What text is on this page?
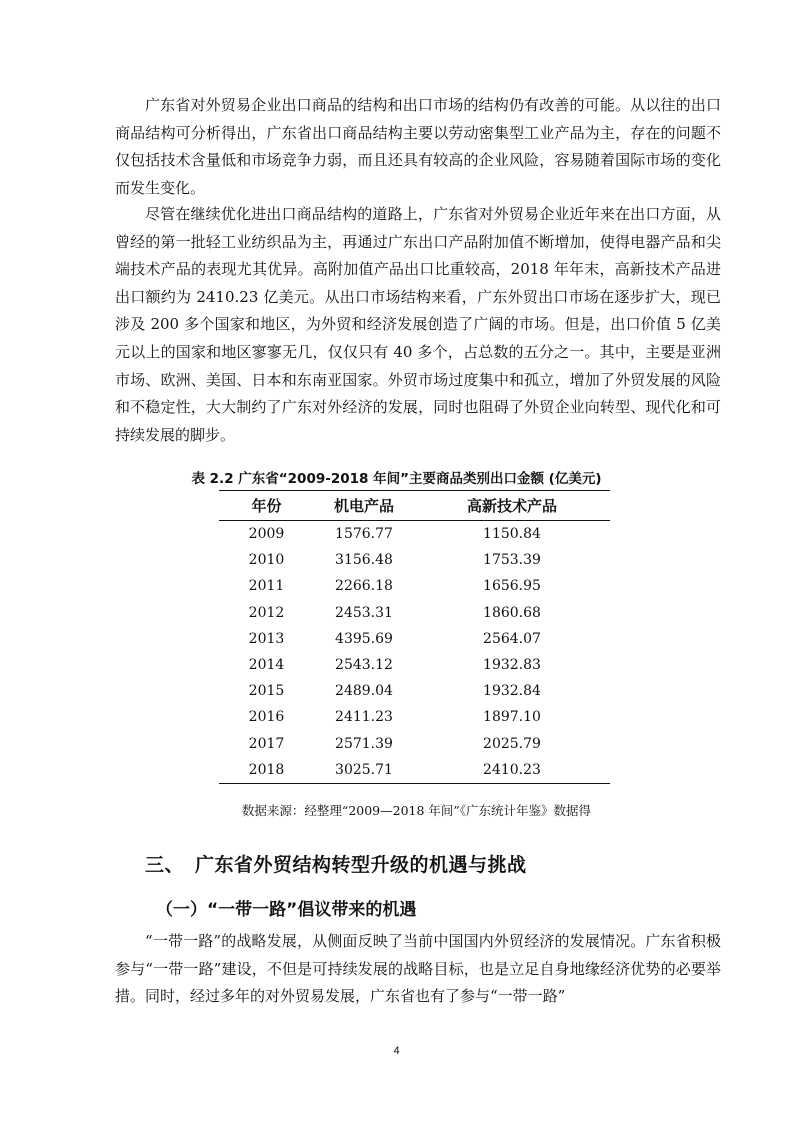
广东省对外贸易企业出口商品的结构和出口市场的结构仍有改善的可能。从以往的出口商品结构可分析得出，广东省出口商品结构主要以劳动密集型工业产品为主，存在的问题不仅包括技术含量低和市场竞争力弱，而且还具有较高的企业风险，容易随着国际市场的变化而发生变化。

尽管在继续优化进出口商品结构的道路上，广东省对外贸易企业近年来在出口方面，从曾经的第一批轻工业纺织品为主，再通过广东出口产品附加值不断增加，使得电器产品和尖端技术产品的表现尤其优异。高附加值产品出口比重较高，2018 年年末，高新技术产品进出口额约为 2410.23 亿美元。从出口市场结构来看，广东外贸出口市场在逐步扩大，现已涉及 200 多个国家和地区，为外贸和经济发展创造了广阔的市场。但是，出口价值 5 亿美元以上的国家和地区寥寥无几，仅仅只有 40 多个，占总数的五分之一。其中，主要是亚洲市场、欧洲、美国、日本和东南亚国家。外贸市场过度集中和孤立，增加了外贸发展的风险和不稳定性，大大制约了广东对外经济的发展，同时也阻碍了外贸企业向转型、现代化和可持续发展的脚步。

表 2.2 广东省“2009-2018 年间”主要商品类别出口金额 (亿美元)
年份	机电产品	高新技术产品
2009	1576.77	1150.84
2010	3156.48	1753.39
2011	2266.18	1656.95
2012	2453.31	1860.68
2013	4395.69	2564.07
2014	2543.12	1932.83
2015	2489.04	1932.84
2016	2411.23	1897.10
2017	2571.39	2025.79
2018	3025.71	2410.23
数据来源：经整理“2009—2018 年间”《广东统计年鉴》数据得
三、 广东省外贸结构转型升级的机遇与挑战
（一）“一带一路”倡议带来的机遇

“一带一路”的战略发展，从侧面反映了当前中国国内外贸经济的发展情况。广东省积极参与“一带一路”建设，不但是可持续发展的战略目标，也是立足自身地缘经济优势的必要举措。同时，经过多年的对外贸易发展，广东省也有了参与“一带一路”

4
